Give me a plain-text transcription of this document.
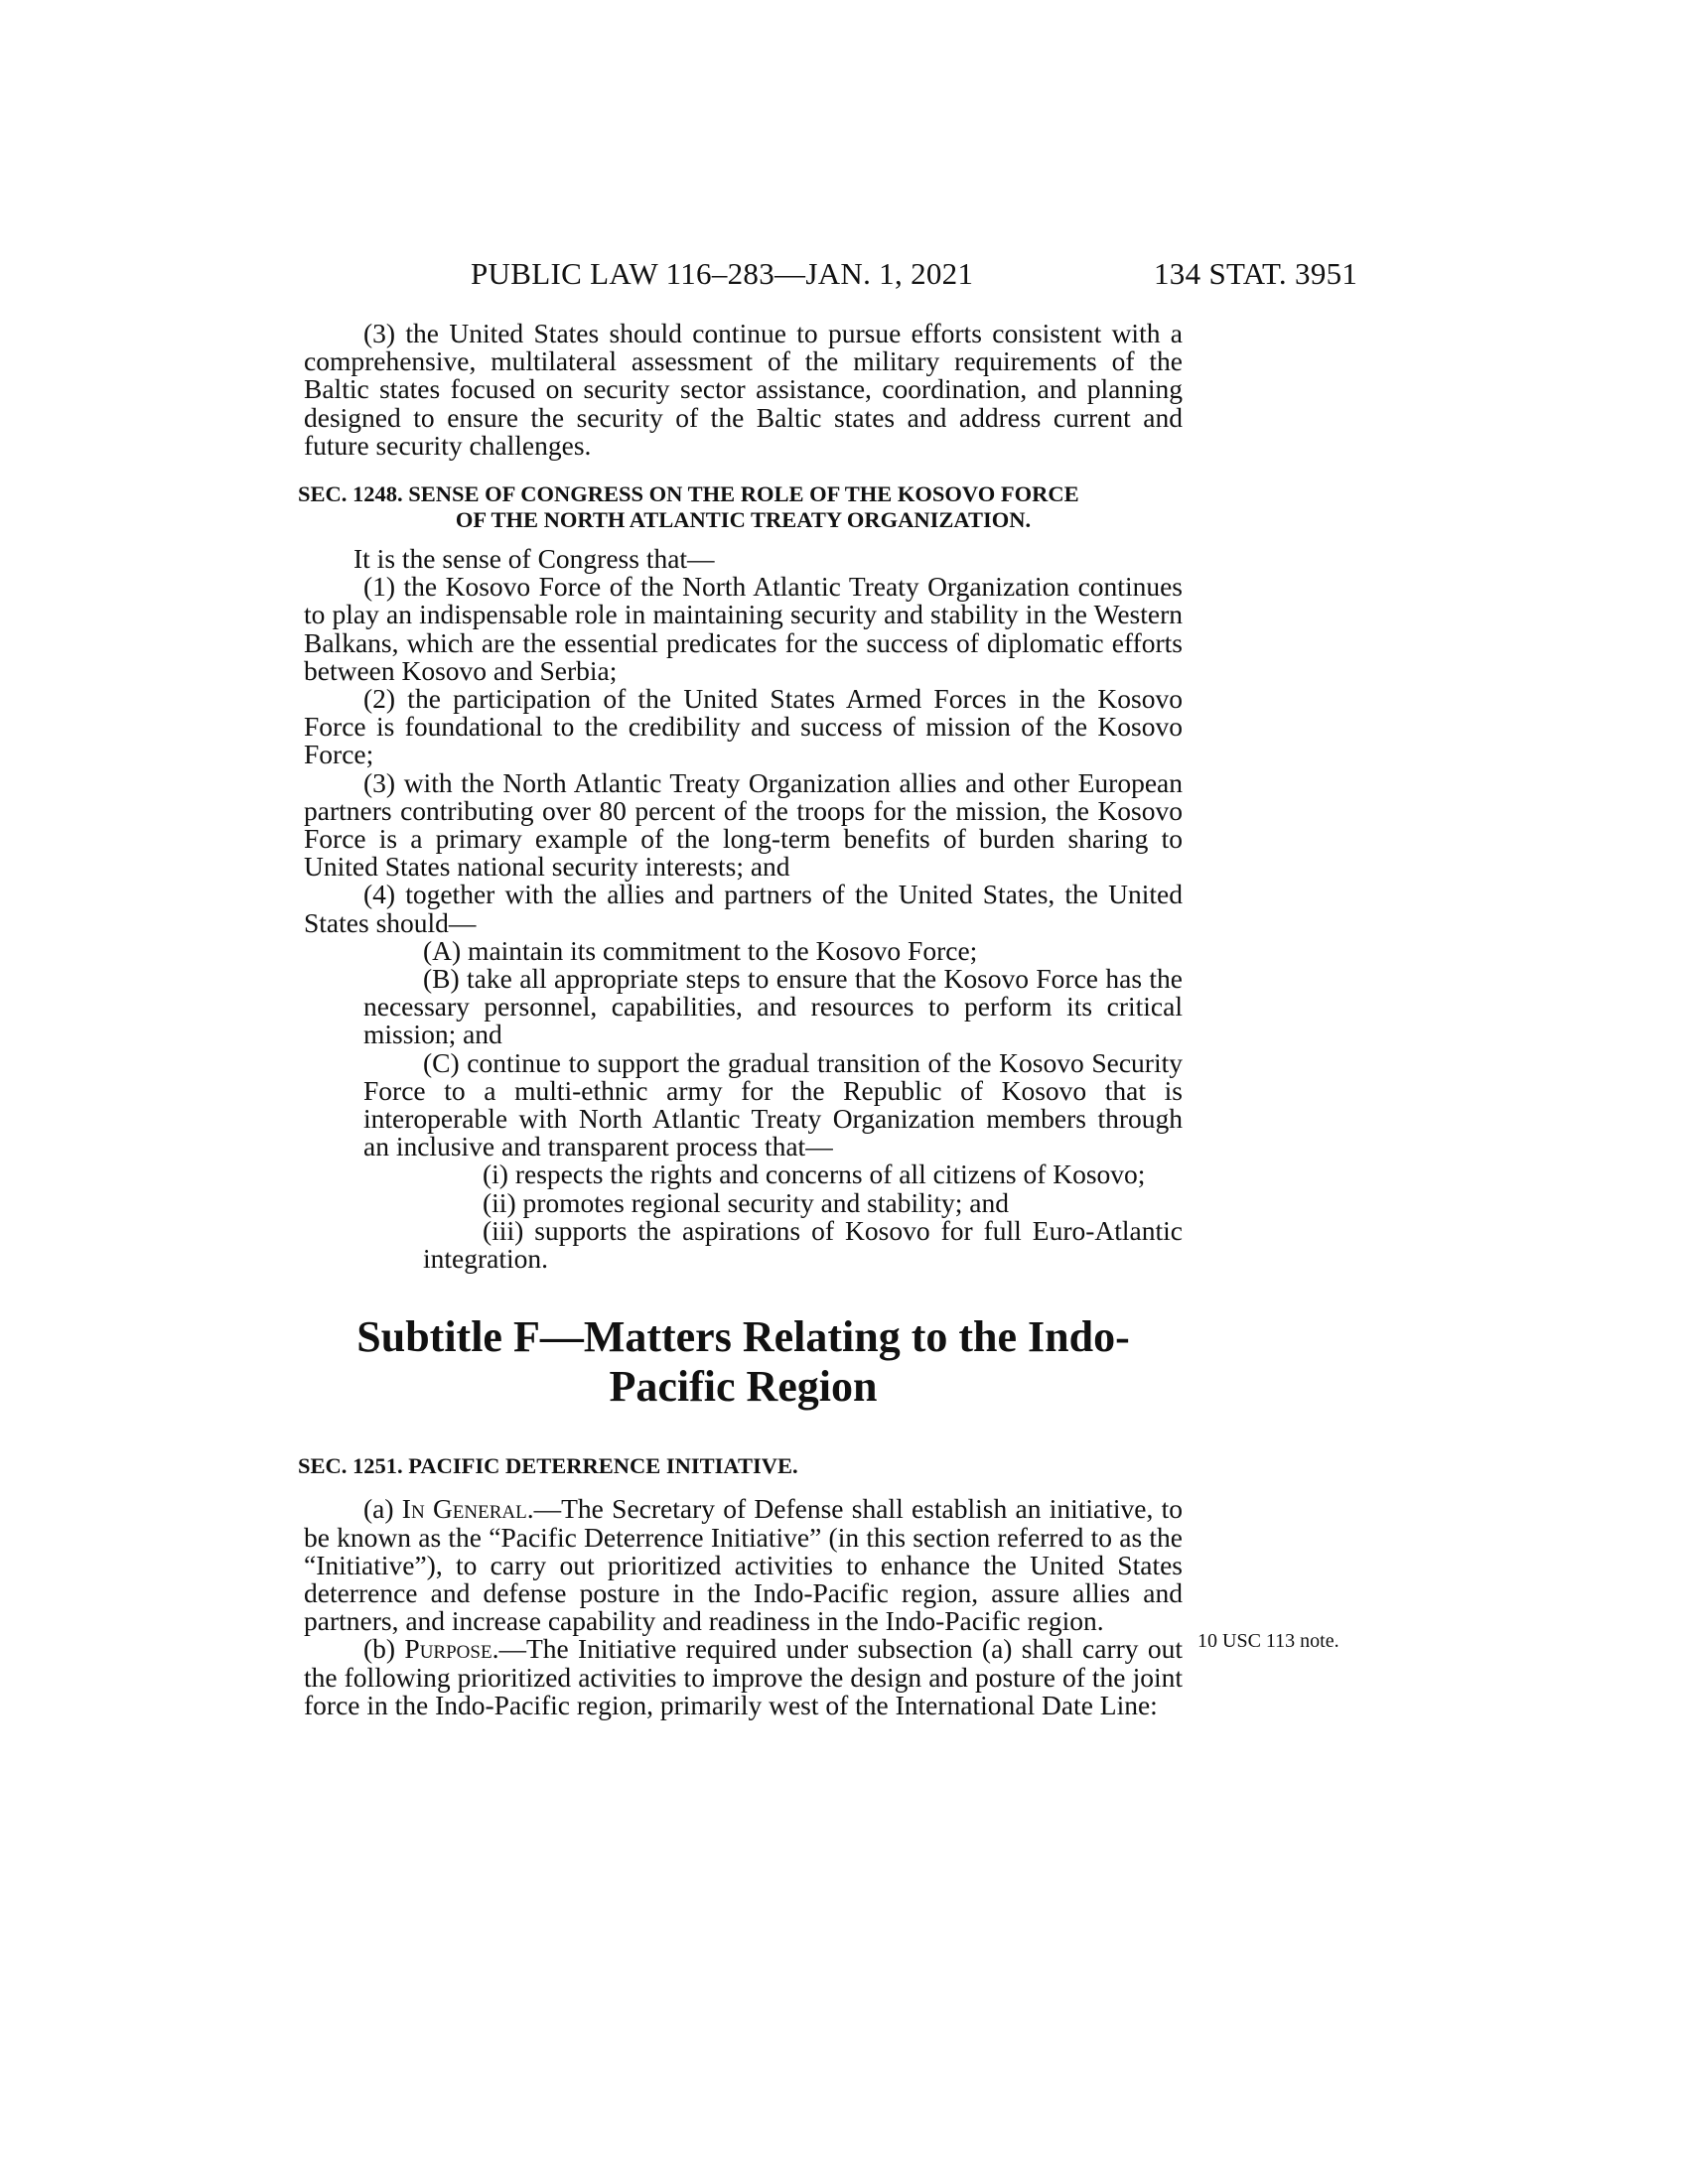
PUBLIC LAW 116–283—JAN. 1, 2021	134 STAT. 3951

(3) the United States should continue to pursue efforts consistent with a comprehensive, multilateral assessment of the military requirements of the Baltic states focused on security sector assistance, coordination, and planning designed to ensure the security of the Baltic states and address current and future security challenges.

SEC. 1248. SENSE OF CONGRESS ON THE ROLE OF THE KOSOVO FORCE
OF THE NORTH ATLANTIC TREATY ORGANIZATION.

It is the sense of Congress that—

(1) the Kosovo Force of the North Atlantic Treaty Organization continues to play an indispensable role in maintaining security and stability in the Western Balkans, which are the essential predicates for the success of diplomatic efforts between Kosovo and Serbia;

(2) the participation of the United States Armed Forces in the Kosovo Force is foundational to the credibility and success of mission of the Kosovo Force;

(3) with the North Atlantic Treaty Organization allies and other European partners contributing over 80 percent of the troops for the mission, the Kosovo Force is a primary example of the long-term benefits of burden sharing to United States national security interests; and

(4) together with the allies and partners of the United States, the United States should—

(A) maintain its commitment to the Kosovo Force;

(B) take all appropriate steps to ensure that the Kosovo Force has the necessary personnel, capabilities, and resources to perform its critical mission; and

(C) continue to support the gradual transition of the Kosovo Security Force to a multi-ethnic army for the Republic of Kosovo that is interoperable with North Atlantic Treaty Organization members through an inclusive and transparent process that—

(i) respects the rights and concerns of all citizens of Kosovo;

(ii) promotes regional security and stability; and

(iii) supports the aspirations of Kosovo for full Euro-Atlantic integration.

Subtitle F—Matters Relating to the Indo-
Pacific Region

SEC. 1251. PACIFIC DETERRENCE INITIATIVE.

(a) In General.—The Secretary of Defense shall establish an initiative, to be known as the “Pacific Deterrence Initiative” (in this section referred to as the “Initiative”), to carry out prioritized activities to enhance the United States deterrence and defense posture in the Indo-Pacific region, assure allies and partners, and increase capability and readiness in the Indo-Pacific region.

(b) Purpose.—The Initiative required under subsection (a) shall carry out the following prioritized activities to improve the design and posture of the joint force in the Indo-Pacific region, primarily west of the International Date Line:

10 USC 113 note.
